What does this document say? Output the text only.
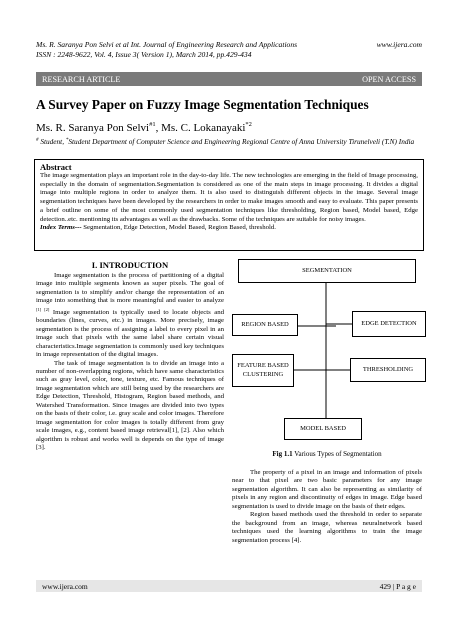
Ms. R. Saranya Pon Selvi et al Int. Journal of Engineering Research and Applications	www.ijera.com
ISSN : 2248-9622, Vol. 4, Issue 3( Version 1), March 2014, pp.429-434
RESEARCH ARTICLE	OPEN ACCESS
A Survey Paper on Fuzzy Image Segmentation Techniques
Ms. R. Saranya Pon Selvi$^{\#1}$, Ms. C. Lokanayaki$^{*2}$
# Student, *Student Department of Computer Science and Engineering Regional Centre of Anna University Tirunelveli (T.N) India
Abstract
The image segmentation plays an important role in the day-to-day life. The new technologies are emerging in the field of Image processing, especially in the domain of segmentation.Segmentation is considered as one of the main steps in image processing. It divides a digital image into multiple regions in order to analyze them. It is also used to distinguish different objects in the image. Several image segmentation techniques have been developed by the researchers in order to make images smooth and easy to evaluate. This paper presents a brief outline on some of the most commonly used segmentation techniques like thresholding, Region based, Model based, Edge detection..etc. mentioning its advantages as well as the drawbacks. Some of the techniques are suitable for noisy images.
Index Terms--- Segmentation, Edge Detection, Model Based, Region Based, threshold.
I. INTRODUCTION

Image segmentation is the process of partitioning of a digital image into multiple segments known as super pixels. The goal of segmentation is to simplify and/or change the representation of an image into something that is more meaningful and easier to analyze [1] [2] Image segmentation is typically used to locate objects and boundaries (lines, curves, etc.) in images. More precisely, image segmentation is the process of assigning a label to every pixel in an image such that pixels with the same label share certain visual characteristics.Image segmentation is commonly used key techniques in image representation of the digital images.

The task of image segmentation is to divide an image into a number of non-overlapping regions, which have same characteristics such as gray level, color, tone, texture, etc. Famous techniques of image segmentation which are still being used by the researchers are Edge Detection, Threshold, Histogram, Region based methods, and Watershed Transformation. Since images are divided into two types on the basis of their color, i.e. gray scale and color images. Therefore image segmentation for color images is totally different from gray scale images, e.g., content based image retrieval[1], [2]. Also which algorithm is robust and works well is depends on the type of image [3].

SEGMENTATION
REGION BASED	EDGE DETECTION
FEATURE BASED CLUSTERING
THRESHOLDING
MODEL BASED
Fig 1.1 Various Types of Segmentation

The property of a pixel in an image and information of pixels near to that pixel are two basic parameters for any image segmentation algorithm. It can also be representing as similarity of pixels in any region and discontinuity of edges in image. Edge based segmentation is used to divide image on the basis of their edges.

Region based methods used the threshold in order to separate the background from an image, whereas neuralnetwork based techniques used the learning algorithms to train the image segmentation process [4].

www.ijera.com	429 | P a g e
